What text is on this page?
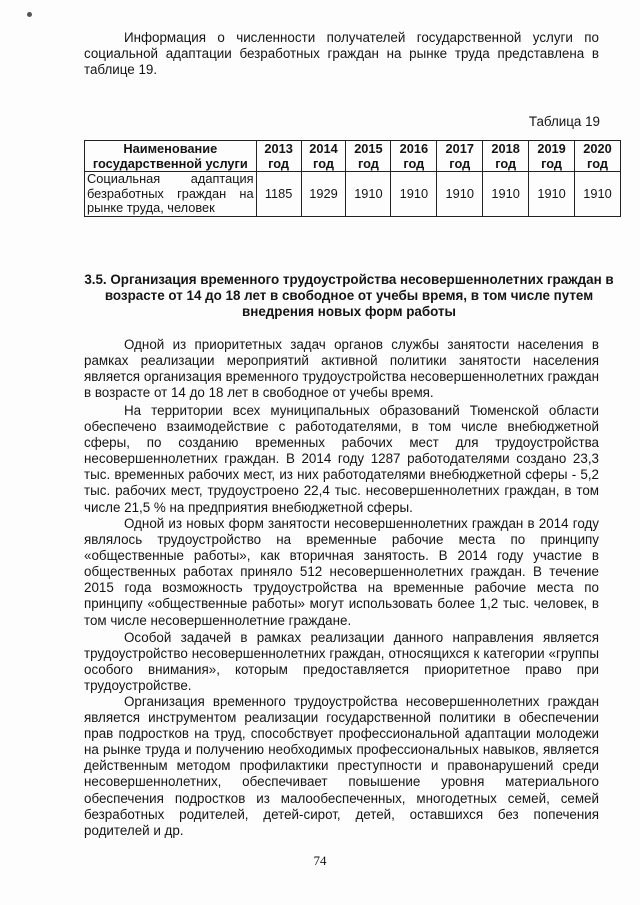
Информация о численности получателей государственной услуги по социальной адаптации безработных граждан на рынке труда представлена в таблице 19.

Таблица 19
Наименование государственной услуги	2013 год	2014 год	2015 год	2016 год	2017 год	2018 год	2019 год	2020 год
Социальная адаптация безработных граждан на рынке труда, человек	1185	1929	1910	1910	1910	1910	1910	1910
3.5. Организация временного трудоустройства несовершеннолетних граждан в возрасте от 14 до 18 лет в свободное от учебы время, в том числе путем внедрения новых форм работы

Одной из приоритетных задач органов службы занятости населения в рамках реализации мероприятий активной политики занятости населения является организация временного трудоустройства несовершеннолетних граждан в возрасте от 14 до 18 лет в свободное от учебы время.

На территории всех муниципальных образований Тюменской области обеспечено взаимодействие с работодателями, в том числе внебюджетной сферы, по созданию временных рабочих мест для трудоустройства несовершеннолетних граждан. В 2014 году 1287 работодателями создано 23,3 тыс. временных рабочих мест, из них работодателями внебюджетной сферы - 5,2 тыс. рабочих мест, трудоустроено 22,4 тыс. несовершеннолетних граждан, в том числе 21,5 % на предприятия внебюджетной сферы.

Одной из новых форм занятости несовершеннолетних граждан в 2014 году являлось трудоустройство на временные рабочие места по принципу «общественные работы», как вторичная занятость. В 2014 году участие в общественных работах приняло 512 несовершеннолетних граждан. В течение 2015 года возможность трудоустройства на временные рабочие места по принципу «общественные работы» могут использовать более 1,2 тыс. человек, в том числе несовершеннолетние граждане.

Особой задачей в рамках реализации данного направления является трудоустройство несовершеннолетних граждан, относящихся к категории «группы особого внимания», которым предоставляется приоритетное право при трудоустройстве.

Организация временного трудоустройства несовершеннолетних граждан является инструментом реализации государственной политики в обеспечении прав подростков на труд, способствует профессиональной адаптации молодежи на рынке труда и получению необходимых профессиональных навыков, является действенным методом профилактики преступности и правонарушений среди несовершеннолетних, обеспечивает повышение уровня материального обеспечения подростков из малообеспеченных, многодетных семей, семей безработных родителей, детей-сирот, детей, оставшихся без попечения родителей и др.

74
